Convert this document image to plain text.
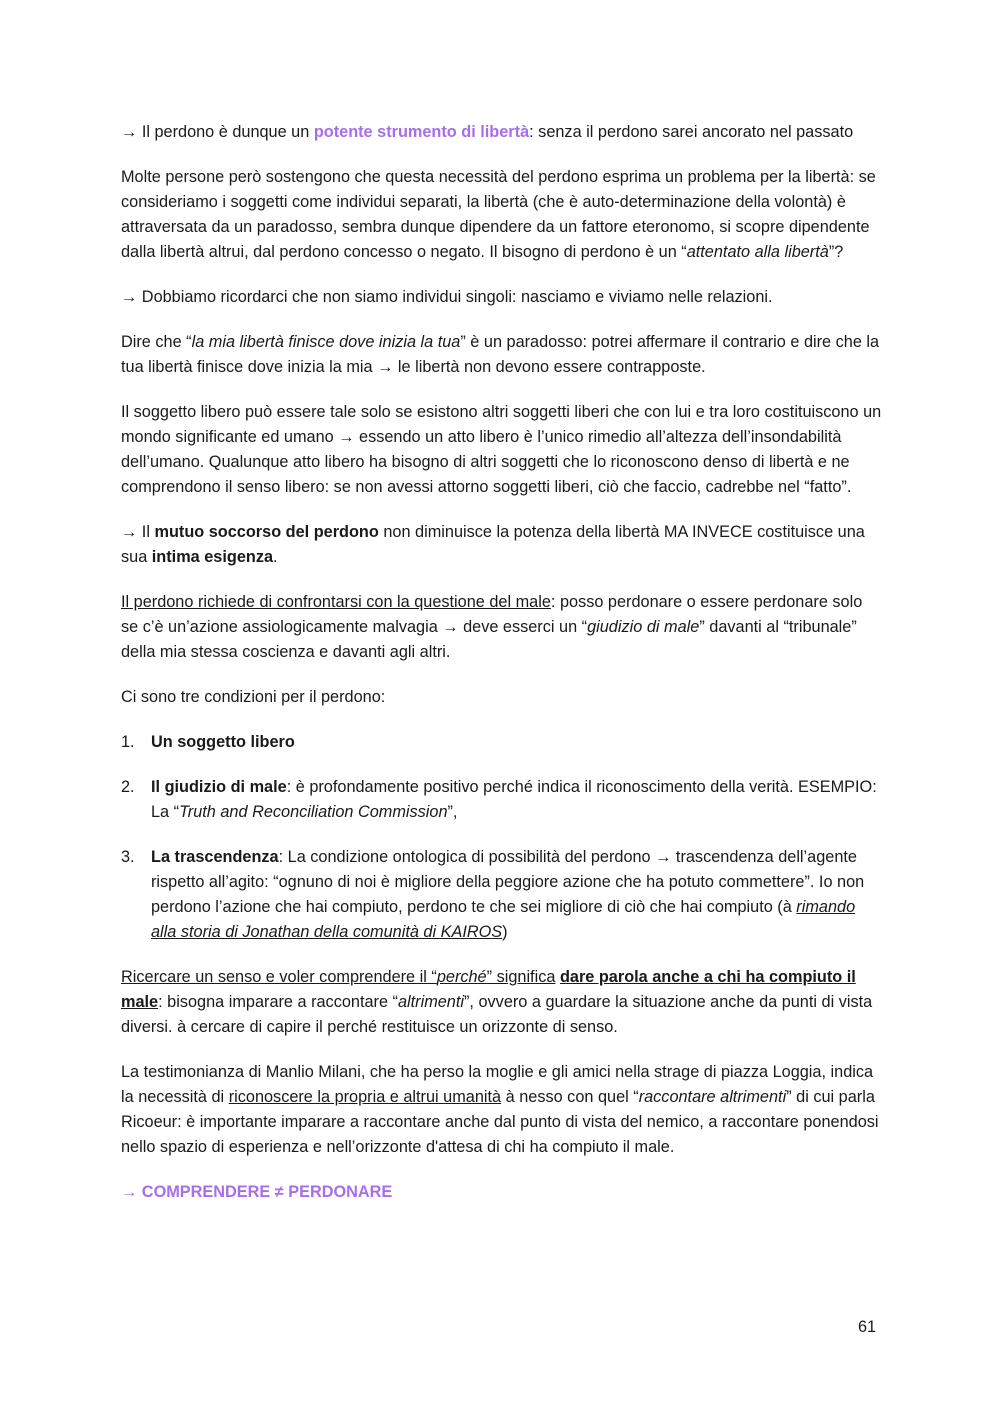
→ Il perdono è dunque un potente strumento di libertà: senza il perdono sarei ancorato nel passato

Molte persone però sostengono che questa necessità del perdono esprima un problema per la libertà: se consideriamo i soggetti come individui separati, la libertà (che è auto-determinazione della volontà) è attraversata da un paradosso, sembra dunque dipendere da un fattore eteronomo, si scopre dipendente dalla libertà altrui, dal perdono concesso o negato. Il bisogno di perdono è un “attentato alla libertà”?

→ Dobbiamo ricordarci che non siamo individui singoli: nasciamo e viviamo nelle relazioni.

Dire che “la mia libertà finisce dove inizia la tua” è un paradosso: potrei affermare il contrario e dire che la tua libertà finisce dove inizia la mia → le libertà non devono essere contrapposte.

Il soggetto libero può essere tale solo se esistono altri soggetti liberi che con lui e tra loro costituiscono un mondo significante ed umano → essendo un atto libero è l’unico rimedio all’altezza dell’insondabilità dell’umano. Qualunque atto libero ha bisogno di altri soggetti che lo riconoscono denso di libertà e ne comprendono il senso libero: se non avessi attorno soggetti liberi, ciò che faccio, cadrebbe nel “fatto”.

→ Il mutuo soccorso del perdono non diminuisce la potenza della libertà MA INVECE costituisce una sua intima esigenza.

Il perdono richiede di confrontarsi con la questione del male: posso perdonare o essere perdonare solo se c’è un’azione assiologicamente malvagia → deve esserci un “giudizio di male” davanti al “tribunale” della mia stessa coscienza e davanti agli altri.

Ci sono tre condizioni per il perdono:

1.	Un soggetto libero
2.	Il giudizio di male: è profondamente positivo perché indica il riconoscimento della verità. ESEMPIO: La “Truth and Reconciliation Commission”,
3.	La trascendenza: La condizione ontologica di possibilità del perdono → trascendenza dell’agente rispetto all’agito: “ognuno di noi è migliore della peggiore azione che ha potuto commettere”. Io non perdono l’azione che hai compiuto, perdono te che sei migliore di ciò che hai compiuto (à rimando alla storia di Jonathan della comunità di KAIROS)

Ricercare un senso e voler comprendere il “perché” significa dare parola anche a chi ha compiuto il male: bisogna imparare a raccontare “altrimenti”, ovvero a guardare la situazione anche da punti di vista diversi. à cercare di capire il perché restituisce un orizzonte di senso.

La testimonianza di Manlio Milani, che ha perso la moglie e gli amici nella strage di piazza Loggia, indica la necessità di riconoscere la propria e altrui umanità à nesso con quel “raccontare altrimenti” di cui parla Ricoeur: è importante imparare a raccontare anche dal punto di vista del nemico, a raccontare ponendosi nello spazio di esperienza e nell’orizzonte d'attesa di chi ha compiuto il male.

→ COMPRENDERE ≠ PERDONARE

61
